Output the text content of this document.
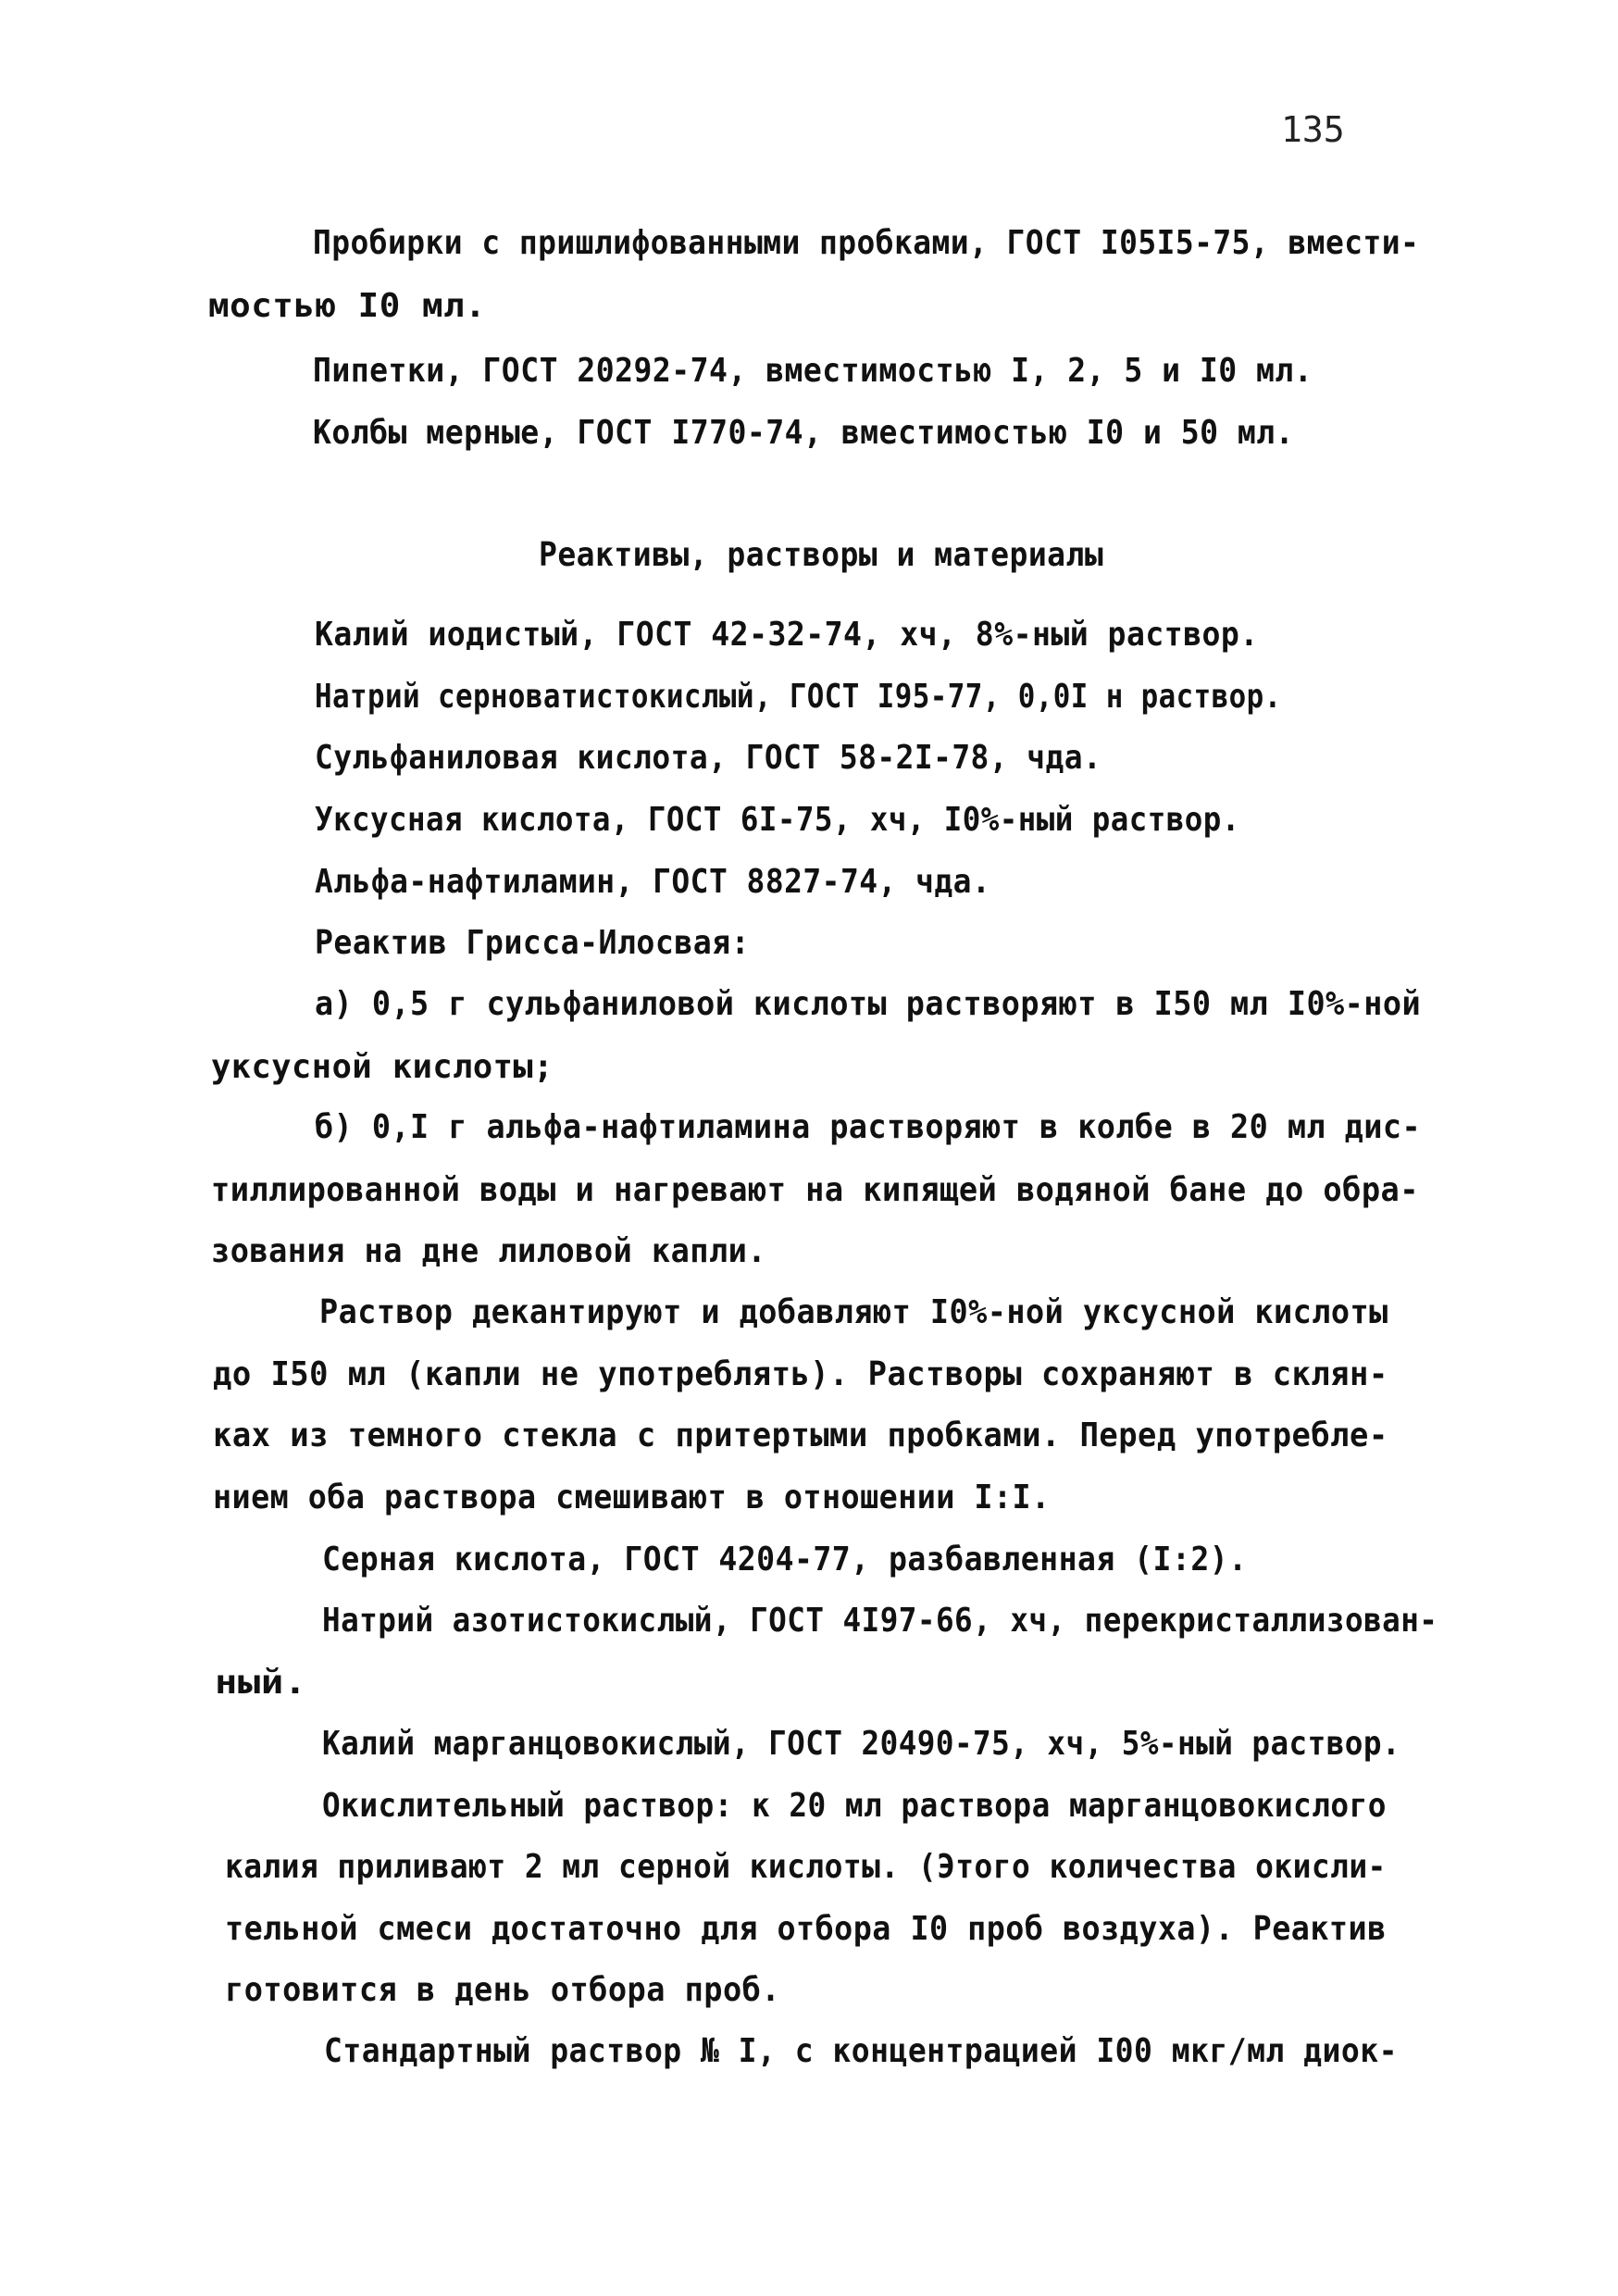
135
Пробирки с пришлифованными пробками, ГОСТ I05I5-75, вмести-
мостью I0 мл.
Пипетки, ГОСТ 20292-74, вместимостью I, 2, 5 и I0 мл.
Колбы мерные, ГОСТ I770-74, вместимостью I0 и 50 мл.
Реактивы, растворы и материалы
Калий иодистый, ГОСТ 42-32-74, хч, 8%-ный раствор.
Натрий серноватистокислый, ГОСТ I95-77, 0,0I н раствор.
Сульфаниловая кислота, ГОСТ 58-2I-78, чда.
Уксусная кислота, ГОСТ 6I-75, хч, I0%-ный раствор.
Альфа-нафтиламин, ГОСТ 8827-74, чда.
Реактив Грисса-Илосвая:
а) 0,5 г сульфаниловой кислоты растворяют в I50 мл I0%-ной
уксусной кислоты;
б) 0,I г альфа-нафтиламина растворяют в колбе в 20 мл дис-
тиллированной воды и нагревают на кипящей водяной бане до обра-
зования на дне лиловой капли.
Раствор декантируют и добавляют I0%-ной уксусной кислоты
до I50 мл (капли не употреблять). Растворы сохраняют в склян-
ках из темного стекла с притертыми пробками. Перед употребле-
нием оба раствора смешивают в отношении I:I.
Серная кислота, ГОСТ 4204-77, разбавленная (I:2).
Натрий азотистокислый, ГОСТ 4I97-66, хч, перекристаллизован-
ный.
Калий марганцовокислый, ГОСТ 20490-75, хч, 5%-ный раствор.
Окислительный раствор: к 20 мл раствора марганцовокислого
калия приливают 2 мл серной кислоты. (Этого количества окисли-
тельной смеси достаточно для отбора I0 проб воздуха). Реактив
готовится в день отбора проб.
Стандартный раствор № I, с концентрацией I00 мкг/мл диок-
